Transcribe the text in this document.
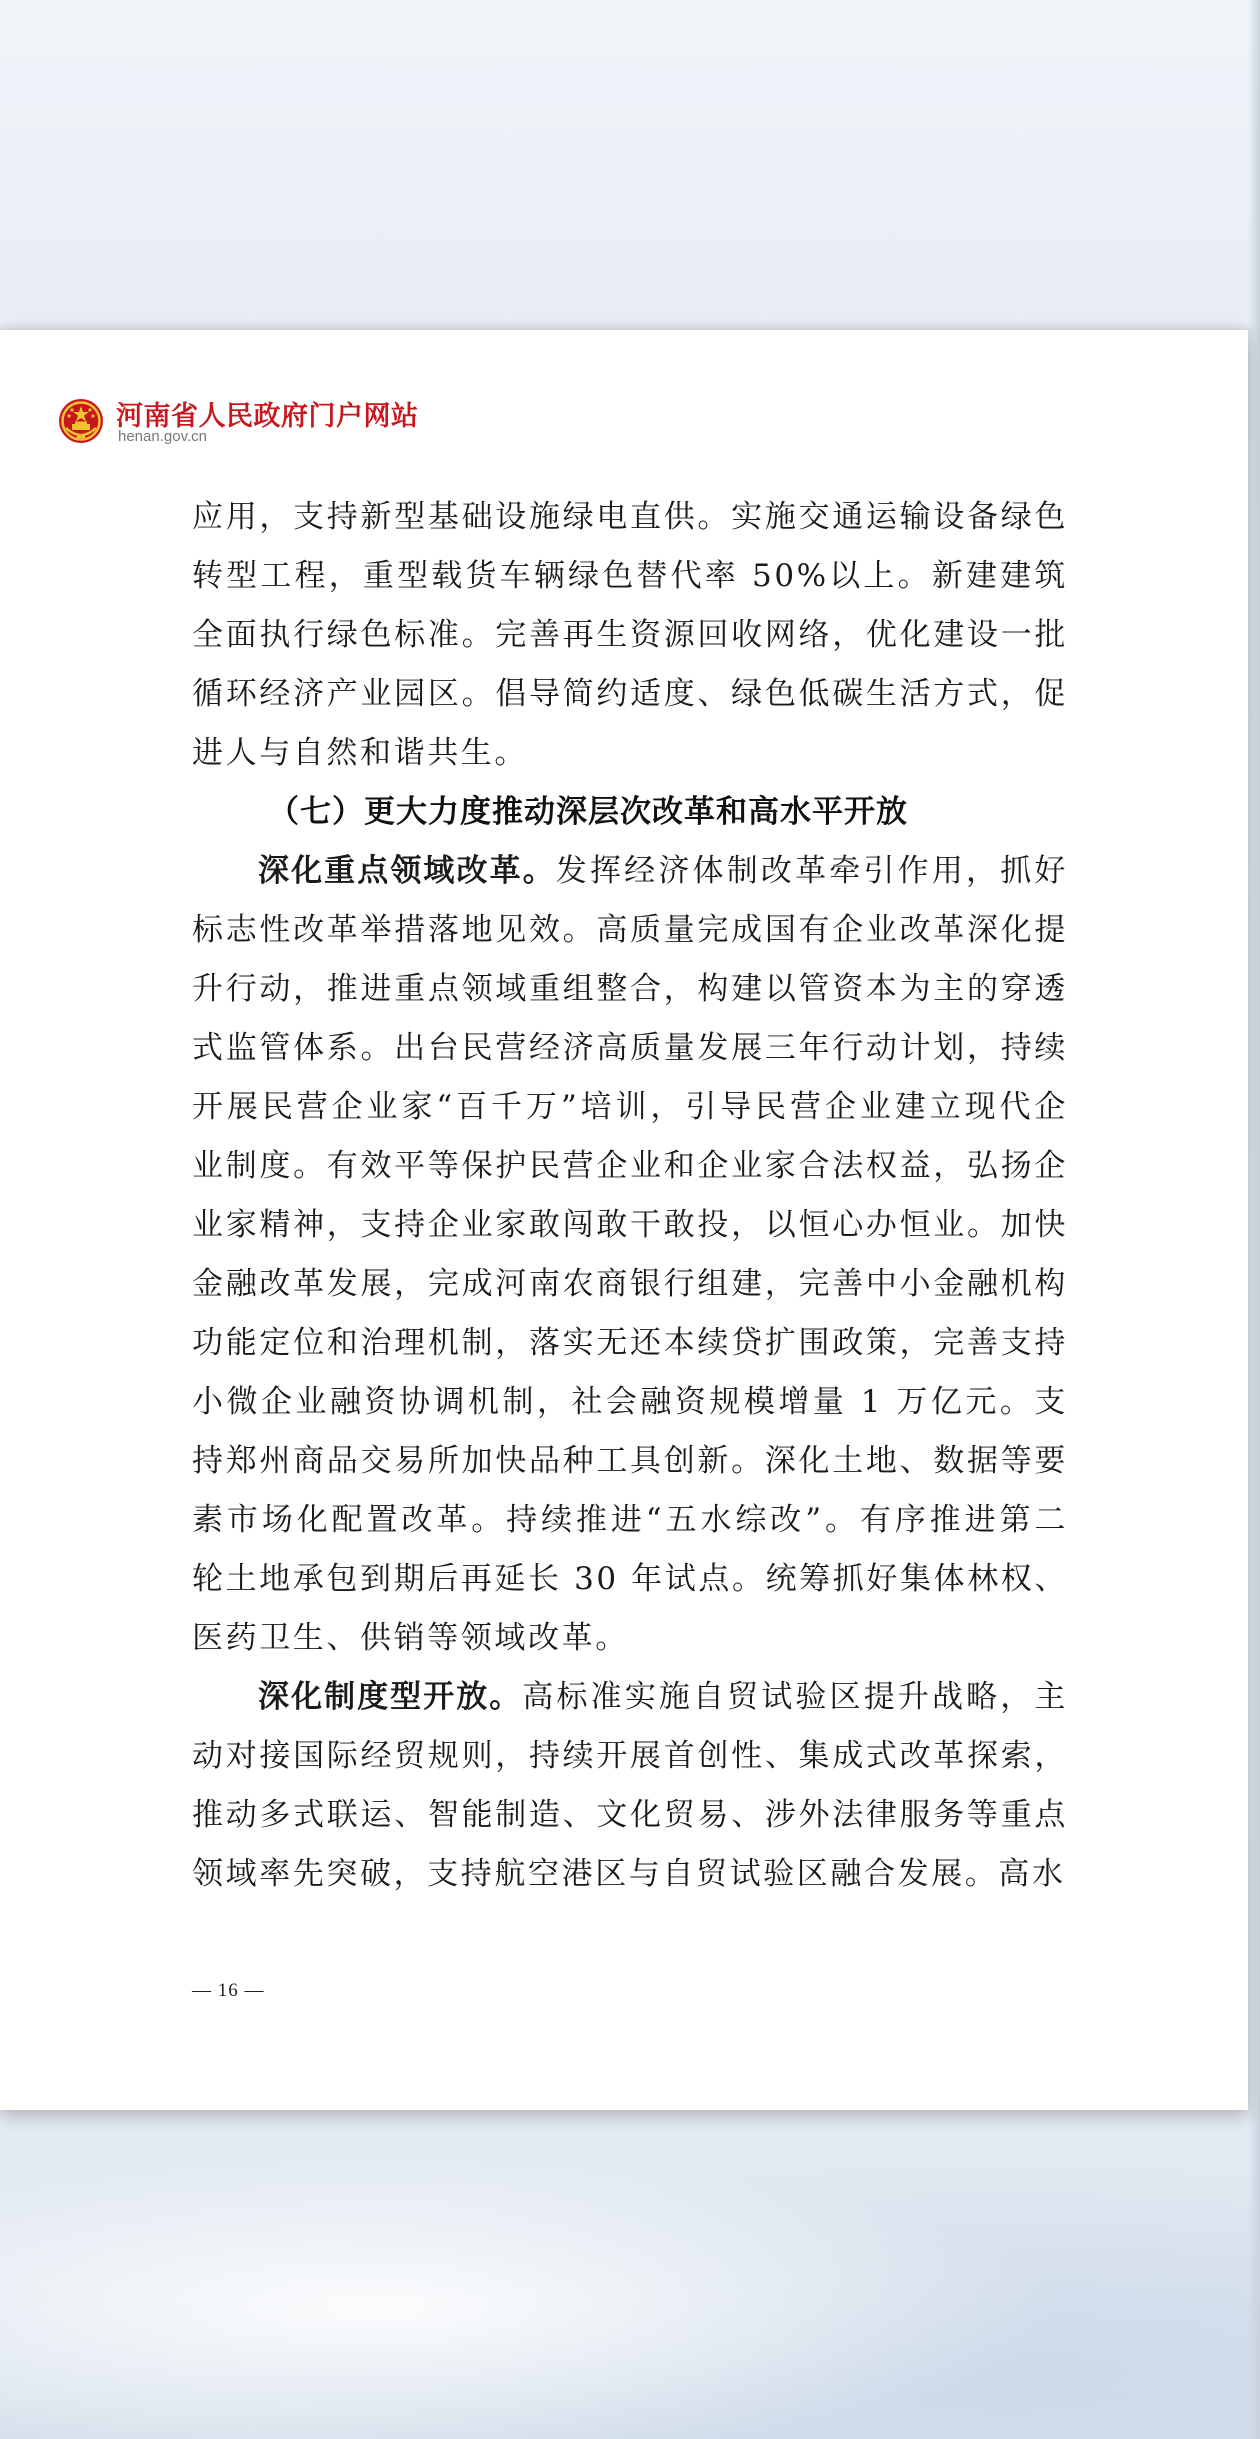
河南省人民政府门户网站
henan.gov.cn

应用，支持新型基础设施绿电直供。实施交通运输设备绿色转型工程，重型载货车辆绿色替代率 50%以上。新建建筑全面执行绿色标准。完善再生资源回收网络，优化建设一批循环经济产业园区。倡导简约适度、绿色低碳生活方式，促进人与自然和谐共生。

（七）更大力度推动深层次改革和高水平开放

深化重点领域改革。发挥经济体制改革牵引作用，抓好标志性改革举措落地见效。高质量完成国有企业改革深化提升行动，推进重点领域重组整合，构建以管资本为主的穿透式监管体系。出台民营经济高质量发展三年行动计划，持续开展民营企业家“百千万”培训，引导民营企业建立现代企业制度。有效平等保护民营企业和企业家合法权益，弘扬企业家精神，支持企业家敢闯敢干敢投，以恒心办恒业。加快金融改革发展，完成河南农商银行组建，完善中小金融机构功能定位和治理机制，落实无还本续贷扩围政策，完善支持小微企业融资协调机制，社会融资规模增量 1 万亿元。支持郑州商品交易所加快品种工具创新。深化土地、数据等要素市场化配置改革。持续推进“五水综改”。有序推进第二轮土地承包到期后再延长 30 年试点。统筹抓好集体林权、医药卫生、供销等领域改革。

深化制度型开放。高标准实施自贸试验区提升战略，主动对接国际经贸规则，持续开展首创性、集成式改革探索，推动多式联运、智能制造、文化贸易、涉外法律服务等重点领域率先突破，支持航空港区与自贸试验区融合发展。高水

— 16 —
